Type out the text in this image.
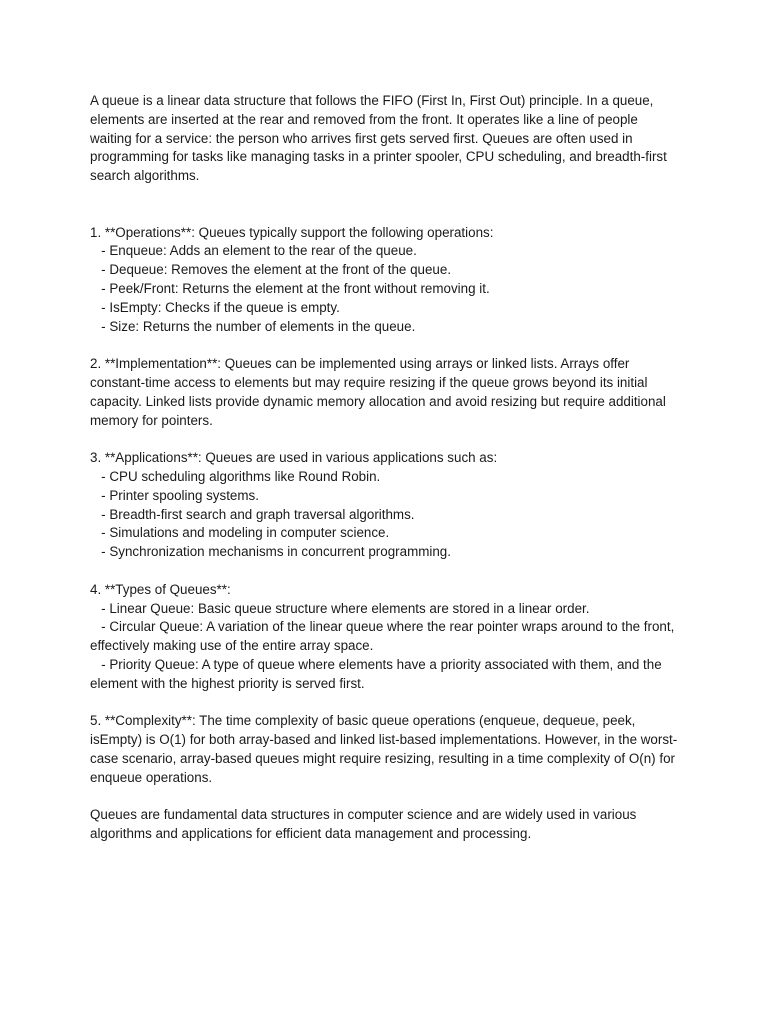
A queue is a linear data structure that follows the FIFO (First In, First Out) principle. In a queue, elements are inserted at the rear and removed from the front. It operates like a line of people waiting for a service: the person who arrives first gets served first. Queues are often used in programming for tasks like managing tasks in a printer spooler, CPU scheduling, and breadth-first search algorithms.

1. **Operations**: Queues typically support the following operations:
- Enqueue: Adds an element to the rear of the queue.
- Dequeue: Removes the element at the front of the queue.
- Peek/Front: Returns the element at the front without removing it.
- IsEmpty: Checks if the queue is empty.
- Size: Returns the number of elements in the queue.
2. **Implementation**: Queues can be implemented using arrays or linked lists. Arrays offer constant-time access to elements but may require resizing if the queue grows beyond its initial capacity. Linked lists provide dynamic memory allocation and avoid resizing but require additional memory for pointers.
3. **Applications**: Queues are used in various applications such as:
- CPU scheduling algorithms like Round Robin.
- Printer spooling systems.
- Breadth-first search and graph traversal algorithms.
- Simulations and modeling in computer science.
- Synchronization mechanisms in concurrent programming.
4. **Types of Queues**:
- Linear Queue: Basic queue structure where elements are stored in a linear order.
- Circular Queue: A variation of the linear queue where the rear pointer wraps around to the front, effectively making use of the entire array space.
- Priority Queue: A type of queue where elements have a priority associated with them, and the element with the highest priority is served first.
5. **Complexity**: The time complexity of basic queue operations (enqueue, dequeue, peek, isEmpty) is O(1) for both array-based and linked list-based implementations. However, in the worst-case scenario, array-based queues might require resizing, resulting in a time complexity of O(n) for enqueue operations.

Queues are fundamental data structures in computer science and are widely used in various algorithms and applications for efficient data management and processing.
